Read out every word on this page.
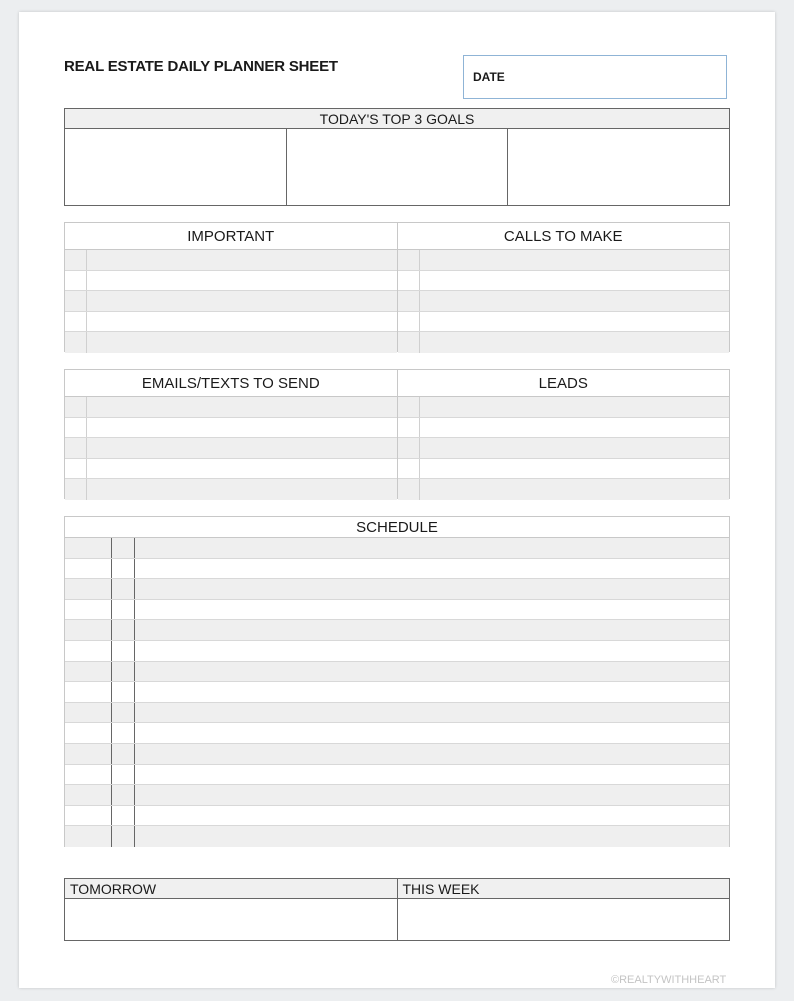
REAL ESTATE DAILY PLANNER SHEET
DATE
TODAY'S TOP 3 GOALS
IMPORTANT	CALLS TO MAKE
EMAILS/TEXTS TO SEND	LEADS
SCHEDULE
TOMORROW	THIS WEEK
©REALTYWITHHEART
